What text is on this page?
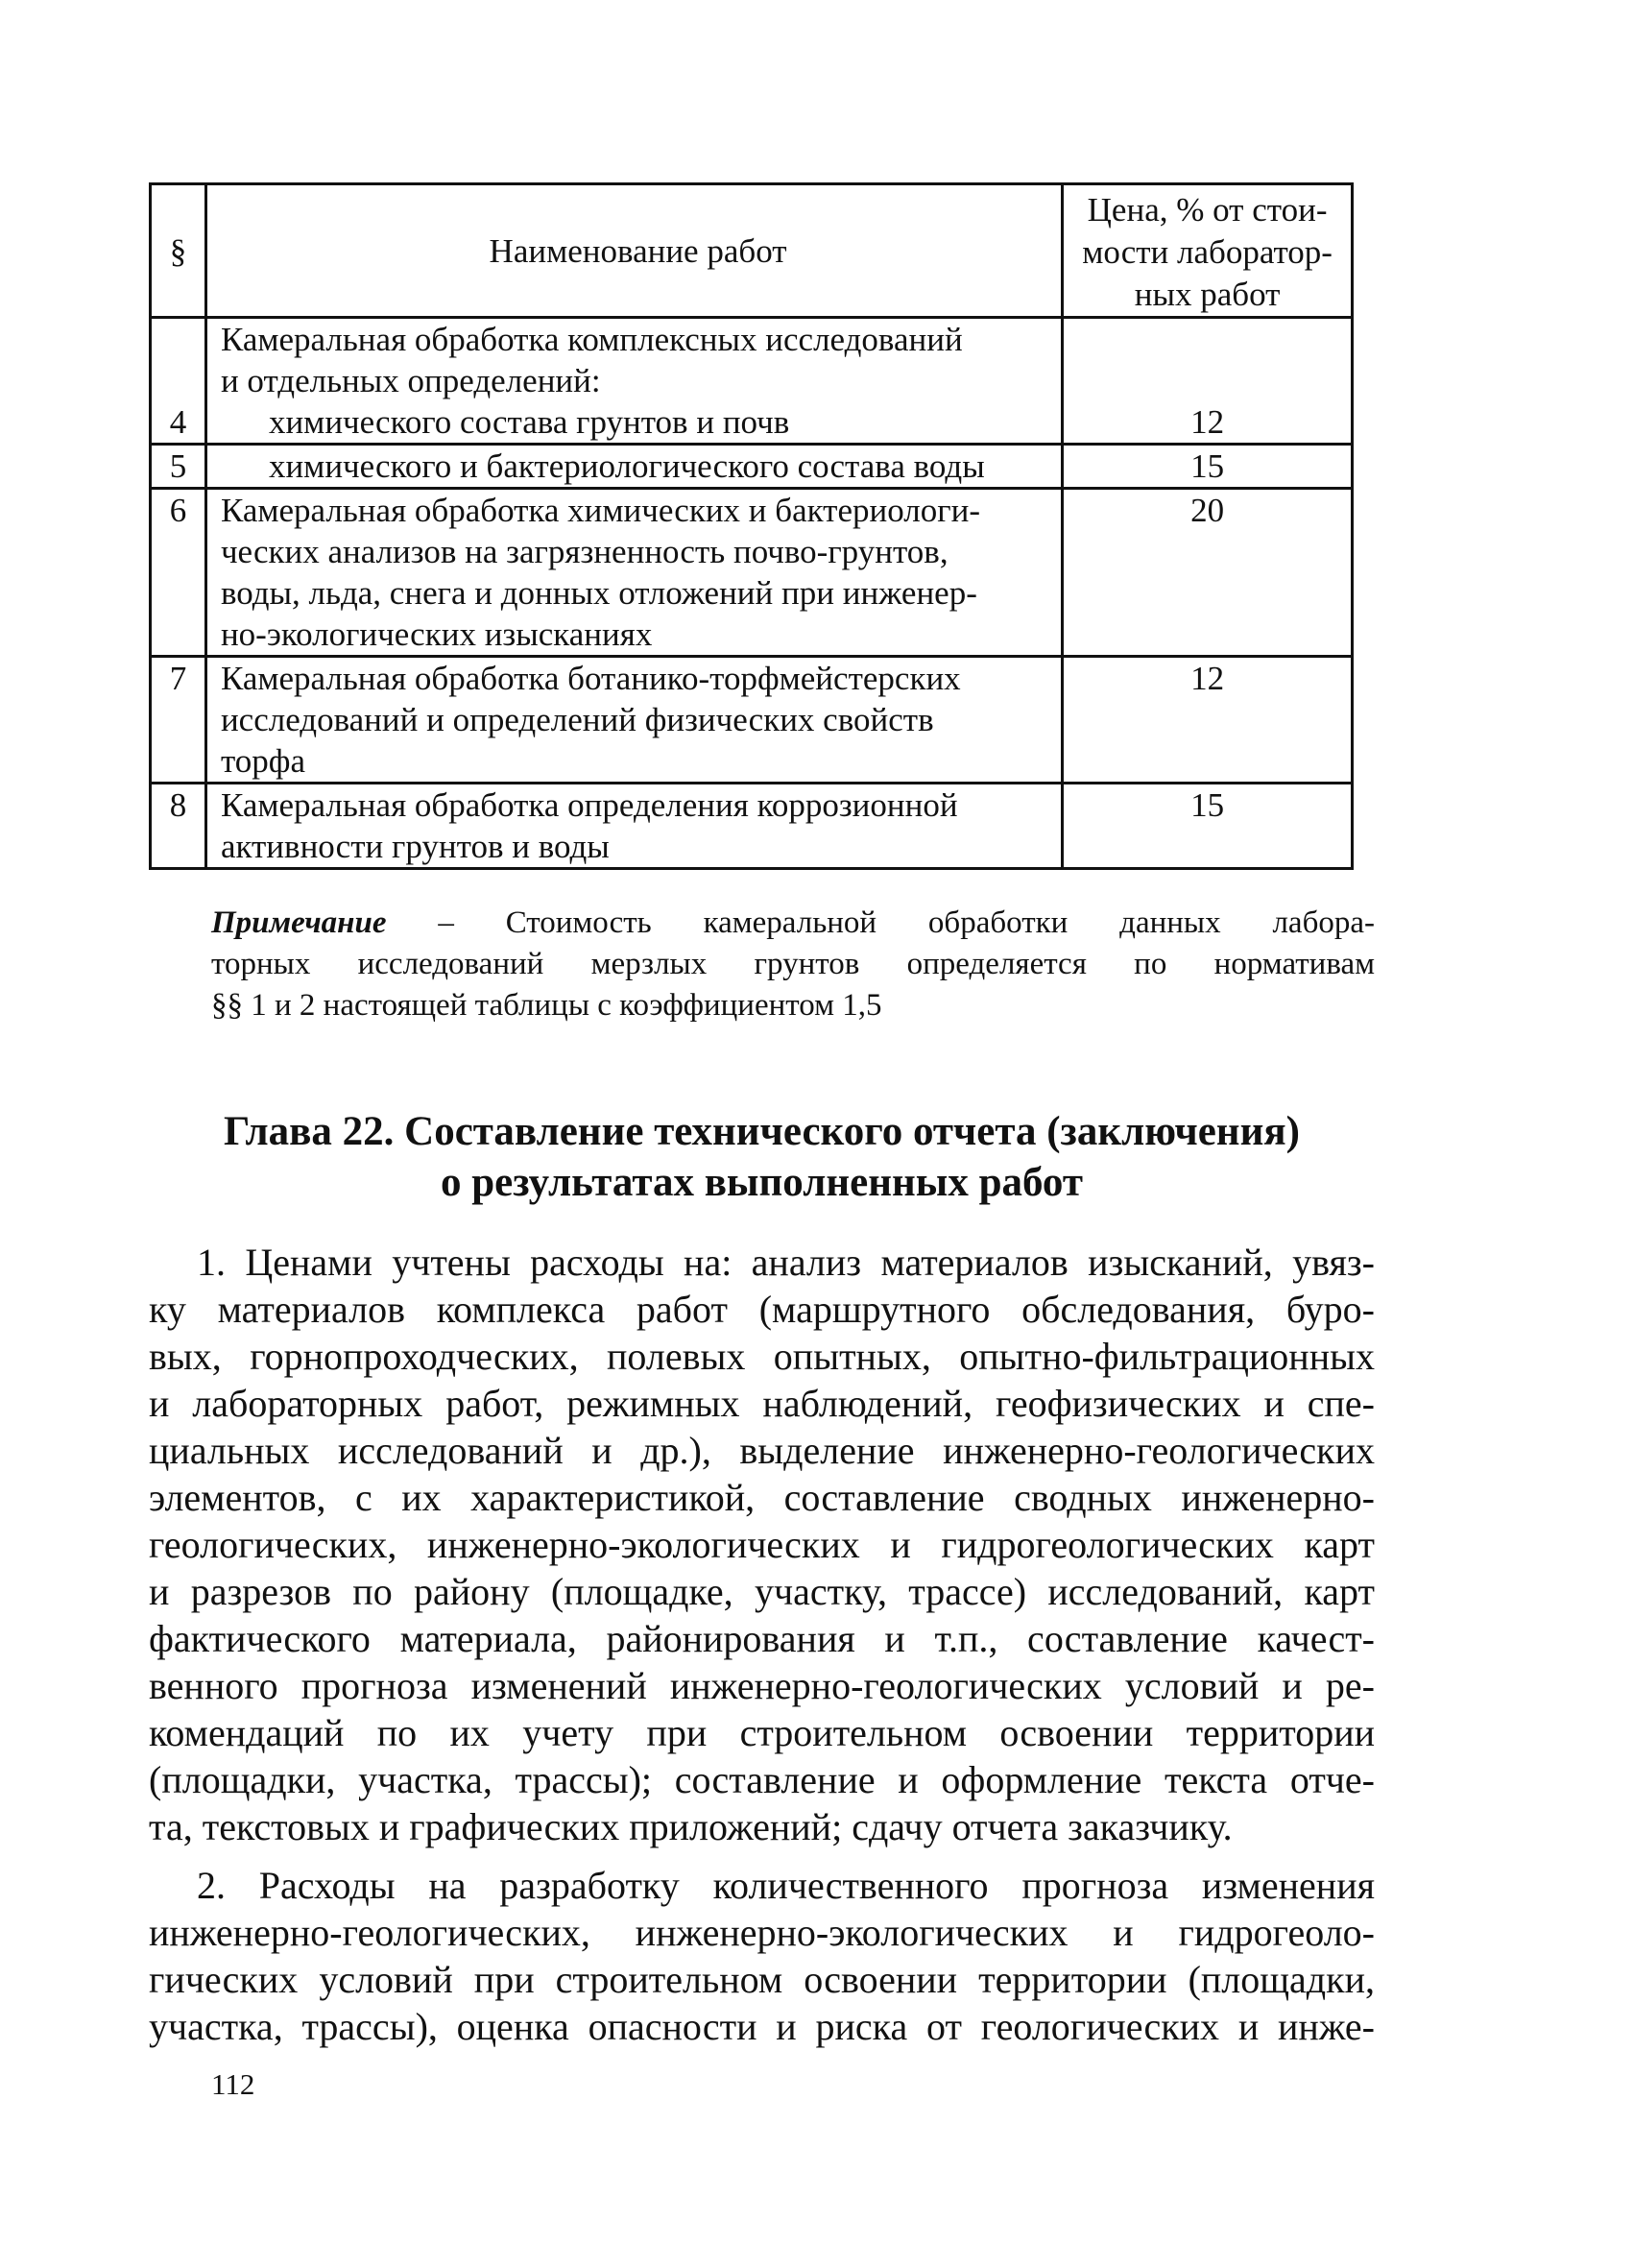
§	Наименование работ	Цена, % от стои-
мости лаборатор-
ных работ

4	Камеральная обработка комплексных исследований
и отдельных определений:
химического состава грунтов и почв	12
5	химического и бактериологического состава воды	15
6	Камеральная обработка химических и бактериологи-
ческих анализов на загрязненность почво-грунтов,
воды, льда, снега и донных отложений при инженер-
но-экологических изысканиях	20
7	Камеральная обработка ботанико-торфмейстерских
исследований и определений физических свойств
торфа	12
8	Камеральная обработка определения коррозионной
активности грунтов и воды	15
Примечание – Стоимость камеральной обработки данных лабора-
торных исследований мерзлых грунтов определяется по нормативам
§§ 1 и 2 настоящей таблицы с коэффициентом 1,5
Глава 22. Составление технического отчета (заключения)
о результатах выполненных работ
1. Ценами учтены расходы на: анализ материалов изысканий, увяз-
ку материалов комплекса работ (маршрутного обследования, буро-
вых, горнопроходческих, полевых опытных, опытно-фильтрационных
и лабораторных работ, режимных наблюдений, геофизических и спе-
циальных исследований и др.), выделение инженерно-геологических
элементов, с их характеристикой, составление сводных инженерно-
геологических, инженерно-экологических и гидрогеологических карт
и разрезов по району (площадке, участку, трассе) исследований, карт
фактического материала, районирования и т.п., составление качест-
венного прогноза изменений инженерно-геологических условий и ре-
комендаций по их учету при строительном освоении территории
(площадки, участка, трассы); составление и оформление текста отче-
та, текстовых и графических приложений; сдачу отчета заказчику.
2. Расходы на разработку количественного прогноза изменения
инженерно-геологических, инженерно-экологических и гидрогеоло-
гических условий при строительном освоении территории (площадки,
участка, трассы), оценка опасности и риска от геологических и инже-
112
